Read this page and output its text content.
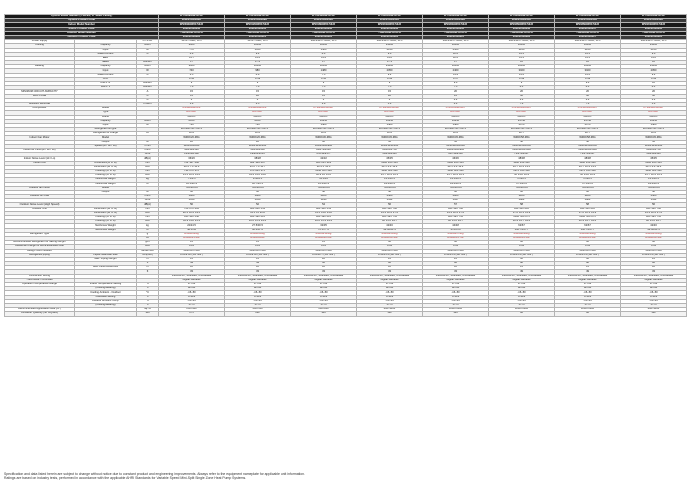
System Model Number (5 Series, 17 SEER Family)			WYS009GMFI17RL	WYS012GMFI17RL	WYS018GMFI17RL	WYS024GMFI17RL	WYS030GMFI17RL	WYS036GMFI17RL	WYS036GMFI17RL	WYS024GMFI17RL
System Product Code			220201100038A	220201100039A	220201100040A	220201100041A	220201100043A	220201100044A	220201100045A	220201100046A
Indoor Model Number			WS009GMFI17HLD	WS012GMFI17HLD	WS018GMFI17HLD	WS024GMFI17HLD	WS030GMFI17HLD	WS036GMFI17HLD	WS036GMFI17HLD	WS024GMFI17HLD
Indoor Product Code			220201100030	220201100031	220201100032	220201100033	220201100035	220201100036	220201100037	220201100034
Outdoor Model Number			YN009GMFI17RPD	YN012GMFI17RPD	YN018GMFI17RPD	YN024GMFI17RPD	YN030GMFI17RPD	YN036GMFI17RPD	YN036GMFI17RPD	YN024GMFI17RPD
Outdoor Product Code			220201100020	220201100021	220201100022	220201100023	220201100025	220201100026	220201100027	220201100024
Power supply		Ph-V-Hz	115V~ 60Hz, 1Ph	115V~ 60Hz, 1Ph	208-230V~ 60Hz, 1Ph	208-230V~ 60Hz, 1Ph	208-230V~ 60Hz, 1Ph	208-230V~ 60Hz, 1Ph	208-230V~ 60Hz, 1Ph	208-230V~ 60Hz, 1Ph
Cooling	Capacity	Btu/h	9000	12000	18000	24000	30000	36000	36000	24000
	Input	W	770	1050	1580	2150	2500	3250	3250	2150
	Rated current	A	6.9	9.4	8.0	9.6	12.0	14.5	14.5	9.6
	EER		11.7	11.4	11.4	11.2	12.0	11.1	11.1	11.2
	SEER	Btu/Wh	17	17.2	17	17.1	17	16	16	16
Heating	Capacity	Btu/h	9000	12000	18000	24000	30000	36000	36000	24000
	Input	W	740	980	1480	2050	2460	3020	3020	2050
	Rated current	A	6.5	8.8	7.5	9.2	11.9	13.6	13.6	9.2
	COP		3.56	3.59	3.56	3.43	3.57	3.49	3.49	3.43
	HSPF IV	Btu/Wh	9	9	9	9	9.0	9	9.4	10
	HSPF V	Btu/Wh	7.6	7.6	7.5	7.5	7.5	8.1	8.1	8.1
MINIMUM CIRCUIT AMPACITY		A	15	15	15	15	20	20	20	20
MAX FUSE		A	15	20	15	20	25	30	30	30
		A	2	2	2	2	2.2	2.2	2.2	2.2
Moisture Removal		Pints/h	1.9	2.5	3.8	5.3	6.3	7.4	7.4	5.3
Compressor	Model		ASN98D22UFZ	ASN98D22UFZ	KTM240D43UMT	KTM240D43UMT	ATF235D22UMT	ATF310D43UMT	ATF310D43UMT	KTM240D43UMT
	Type		ROTARY	ROTARY	ROTARY	ROTARY	ROTARY	ROTARY	ROTARY	ROTARY
	Brand		GMCC	GMCC	GMCC	GMCC	GMCC	GMCC	GMCC	GMCC
	Capacity	Btu/h	8120	8120	16250	16250	16250	24740	24740	16250
	Input	W	730	730	1480	1480	1480	2070	2070	1480
	Refrigerant oil type		ESTER OIL VG74	ESTER OIL VG74	ESTER OIL VG74	ESTER OIL VG74	ESTER OIL VG74	ESTER OIL VG74	ESTER OIL VG74	ESTER OIL VG74
	Refrigerant oil charge	oz	12.8	12.8	12.8	12.8	12.8	22.7	22.7	12.8
Indoor Fan Motor	Model		WZDK20-38G	WZDK20-38G	WZDK30-38G	WZDK45-38G	WZDK45-38G	WZDK58-38G	WZDK58-38G	WZDK45-38G
	Output	W	20	20	30	45	45	58	58	45
	Speed (Hi / Mi / Lo)	r/min	1100/950/850	1200/1050/950	1150/1000/900	1200/1050/950	1250/1100/1000	1300/1150/1050	1300/1150/1050	1200/1050/950
Indoor Air Flow (Hi / Mi / Lo)		m3/h	400/360/320	500/450/400	800/720/640	950/850/750	1100/1000/900	1300/1200/1100	1300/1200/1100	950/850/750
		CFM	235/212/188	294/265/235	471/424/377	559/500/441	647/589/530	765/706/647	765/706/647	559/500/441
Indoor Noise Level (Hi / Lo)		dB(A)	36/26	38/28	42/32	45/35	46/36	48/38	48/38	45/35
Indoor unit	Dimension(W*D*H)	mm	722*187*290	802*189*297	965*215*319	1080*226*335	1080*226*335	1186*258*343	1186*258*343	1080*226*335
	Dimension (W*D*H)	inch	28.4*7.4*11.4	31.6*7.4*11.7	38*8.5*12.6	42.5*8.9*13.2	42.5*8.9*13.2	46.7*10.2*13.5	46.7*10.2*13.5	42.5*8.9*13.2
	Packing (W*D*H)	mm	790*270*370	875*285*375	1040*305*395	1160*320*410	1160*320*410	1270*350*430	1270*350*430	1160*320*410
	Packing (W*D*H)	inch	31.1*10.6*14.6	34.4*11.2*14.8	40.9*12*15.6	45.7*12.6*16.1	45.7*12.6*16.1	50*13.8*16.9	50*13.8*16.9	45.7*12.6*16.1
	Net/Gross weight	kg	7.5/9.5	8.5/10.5	11.5/14	13.5/16.5	13.5/16.5	17/20.5	17/20.5	13.5/16.5
	Net/Gross weight	lb	16.5/20.9	18.7/23.1	25.4/30.9	29.8/36.4	29.8/36.4	37.5/45.2	37.5/45.2	29.8/36.4
Outdoor fan motor	Model		YDK30-6S	YDK30-6S	YDK40-6S	YDK40-6S	YDK60-6S	YDK60-6S	YDK60-6S	YDK40-6S
	Output	W	30	30	40	40	60	60	60	40
Outdoor Air Flow		m3/h	1800	1800	2200	2400	2800	3200	3200	2400
		CFM	1059	1059	1294	1412	1647	1882	1882	1412
Outdoor Noise Level (High Speed)		dB(A)	50	52	54	56	57	58	58	56
Outdoor Unit	Dimension (W*D*H)	mm	720*270*495	800*280*553	800*300*553	845*320*700	845*320*700	946*410*810	946*410*810	845*320*700
	Dimension (W*D*H)	inch	28.3*10.6*19.5	31.5*11*21.8	31.5*11.8*21.8	33.3*12.6*27.6	33.3*12.6*27.6	37.2*16.1*31.9	37.2*16.1*31.9	33.3*12.6*27.6
	Packing (W*D*H)	mm	835*300*540	920*390*615	920*390*615	965*395*755	965*395*755	1090*500*875	1090*500*875	965*395*755
	Packing (W*D*H)	inch	32.9*11.8*21.3	36.2*15.4*24.2	36.2*15.4*24.2	38*15.6*29.7	38*15.6*29.7	42.9*19.7*34.4	42.9*19.7*34.4	38*15.6*29.7
	Net/Gross Weight	kg	22/24.5	27.5/30.5	32/35	42/46	44/48	62/67	62/67	42/46
	Net/Gross Weight	lb	48.5/54	60.6/67.2	70.5/77.2	92.6/101.4	97/105.8	136.7/147.7	136.7/147.7	92.6/101.4
Refrigerant Type		g	R410A/620g	R410A/850g	R410A/1150g	R410A/1500g	R410A/1750g	R410A/2300g	R410A/2300g	R410A/1500g
		oz	R410A/21.9oz	R410A/30oz	R410A/40.6oz	R410A/52.9oz	R410A/61.7oz	R410A/81.1oz	R410A/81.1oz	R410A/52.9oz
Recommended Refrigerant for Saving Length		g/m	15	15	15	30	30	30	30	30
Additional Charge for Extra Extended Feet		oz/ft	0.16	0.16	0.16	0.32	0.32	0.32	0.32	0.32
Design Test Pressure		MPa/PSIG	550/250 PSIG	550/250 PSIG	550/250 PSIG	550/250 PSIG	550/250 PSIG	550/250 PSIG	550/250 PSIG	550/250 PSIG
Refrigerant piping	Liquid Side/Gas Side	mm(inch)	6.35/9.52 (1/4"/3/8")	6.35/9.52 (1/4"/3/8")	6.35/12.7 (1/4"/1/2")	9.52/15.9 (3/8"/5/8")	9.52/15.9 (3/8"/5/8")	9.52/15.9 (3/8"/5/8")	9.52/15.9 (3/8"/5/8")	9.52/15.9 (3/8"/5/8")
	Max. Piping Length	m	15	15	20	25	25	30	30	25
		ft	49	49	66	82	82	98	98	82
	Max. Level Difference	m	10	10	10	10	10	15	15	10
		ft	33	33	33	33	33	49	49	33
Connection Wiring			14AWG/3C, Stranded, Unshielded	14AWG/3C, Stranded, Unshielded	14AWG/3C, Stranded, Unshielded	14AWG/3C, Stranded, Unshielded	14AWG/3C, Stranded, Unshielded	14AWG/3C, Stranded, Unshielded	14AWG/3C, Stranded, Unshielded	14AWG/3C, Stranded, Unshielded
Thermostat / Controller			Digital Wireless	Digital Wireless	Digital Wireless	Digital Wireless	Digital Wireless	Digital Wireless	Digital Wireless	Digital Wireless
Operation Temperature Range	Indoor Temperature Setting	°C	17~32	17~32	17~32	17~32	17~32	17~32	17~32	17~32
	(Cooling/Heating)	°F	62~90	62~90	62~90	62~90	62~90	62~90	62~90	62~90
	Cooling Ambient - Outdoor	°C	-15~50	-15~50	-15~50	-15~50	-15~50	-15~50	-15~50	-15~50
	Low/Heat Setting	°F	5~122	5~122	5~122	5~122	5~122	5~122	5~122	5~122
	Outdoor Ambient Temp.	°C	-15~24	-15~24	-15~24	-15~24	-15~24	-15~24	-15~24	-15~24
	(Cooling/Heating)	°F	5~75	5~75	5~75	5~75	5~75	5~75	5~75	5~75
Recommended Application Area (Cr.)		Sq. Ft	250~400	350~550	600~800	800~1100	1000~1400	1200~1600	1200~1600	800~1100
Container Quantity (40' HQ/Box)		Set	275	222	186	132	126	92	92	132
Specification and data listed herein are subject to change without notice due to constant product and engineering improvements. Always refer to the equipment nameplate for applicable unit information.
Ratings are based on industry tests, performed in accordance with the applicable AHRI Standards for Variable Speed Mini-Split Single Zone Heat Pump Systems.
